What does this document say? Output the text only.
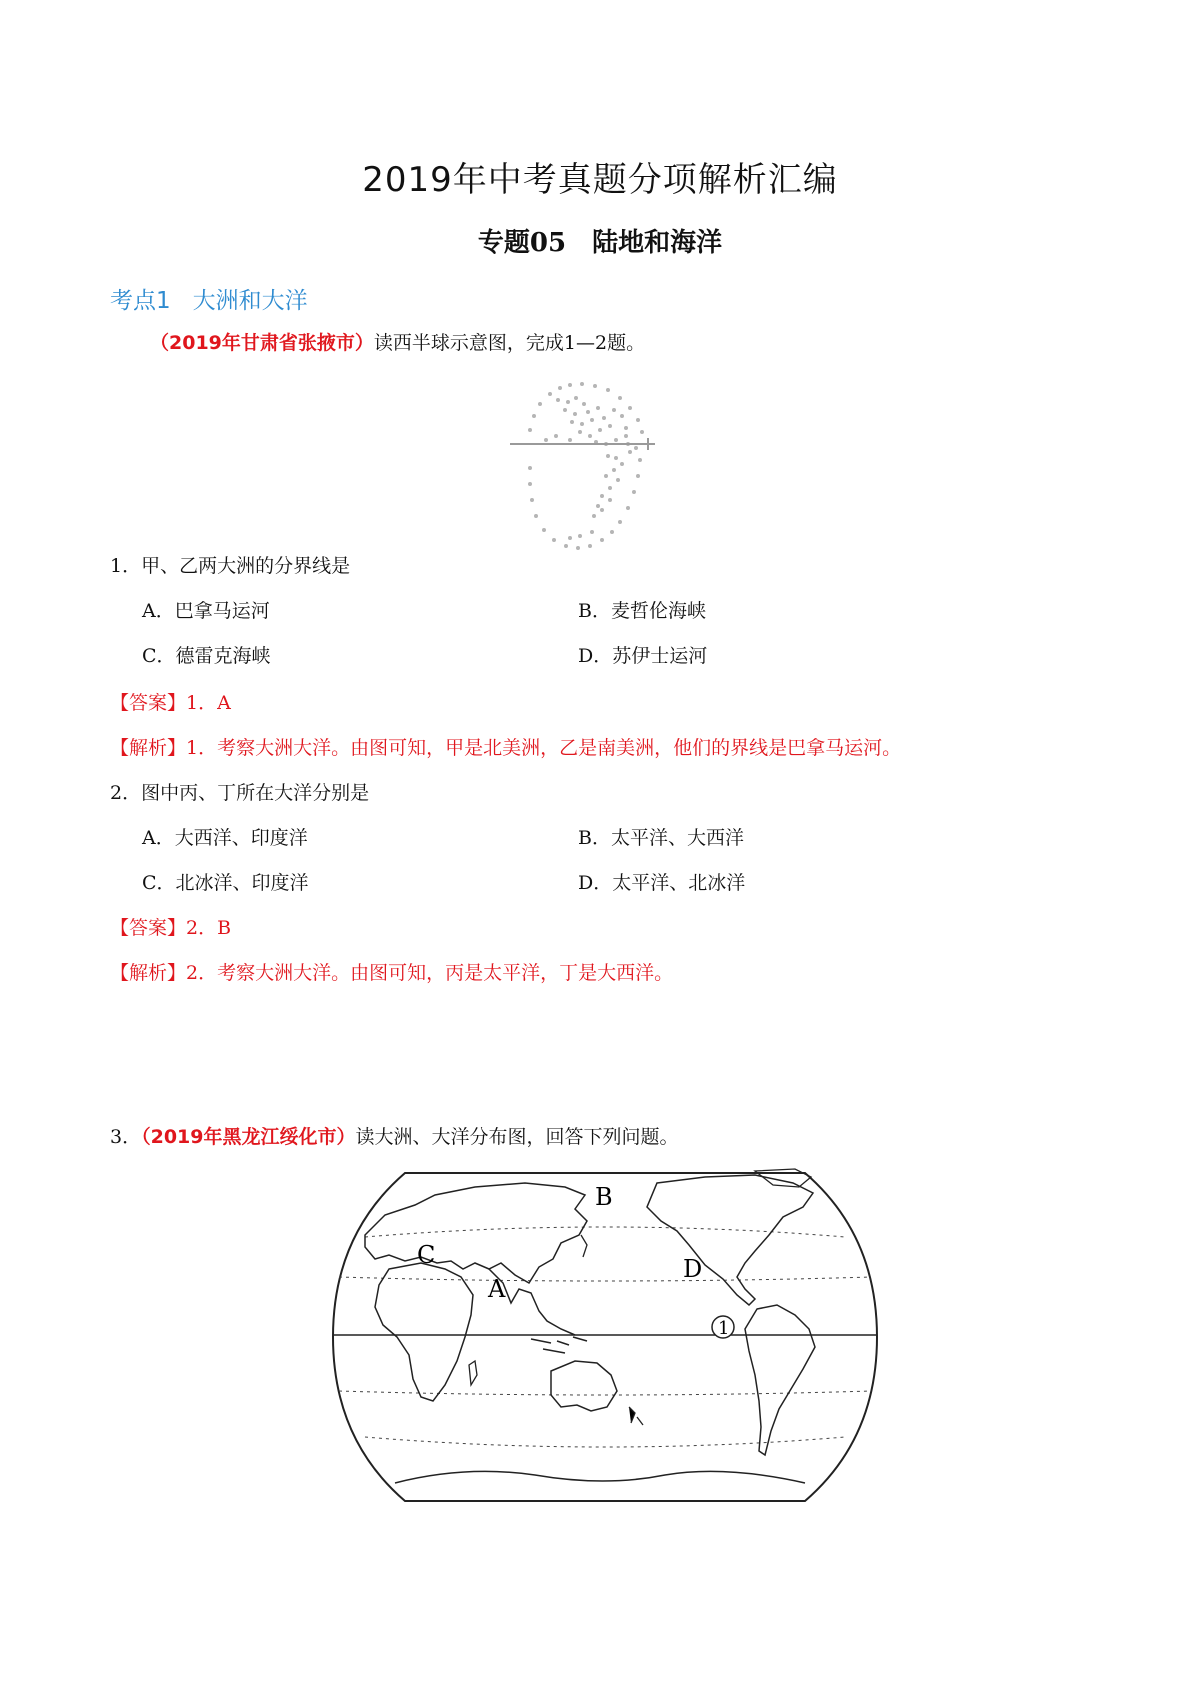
2019年中考真题分项解析汇编
专题05　陆地和海洋
考点1 大洲和大洋
（2019年甘肃省张掖市）读西半球示意图，完成1—2题。
1．甲、乙两大洲的分界线是
A．巴拿马运河	B．麦哲伦海峡
C．德雷克海峡	D．苏伊士运河
【答案】1．A
【解析】1．考察大洲大洋。由图可知，甲是北美洲，乙是南美洲，他们的界线是巴拿马运河。
2．图中丙、丁所在大洋分别是
A．大西洋、印度洋	B．太平洋、大西洋
C．北冰洋、印度洋	D．太平洋、北冰洋
【答案】2．B
【解析】2．考察大洲大洋。由图可知，丙是太平洋，丁是大西洋。
3．（2019年黑龙江绥化市）读大洲、大洋分布图，回答下列问题。
B
C
A
D
1
